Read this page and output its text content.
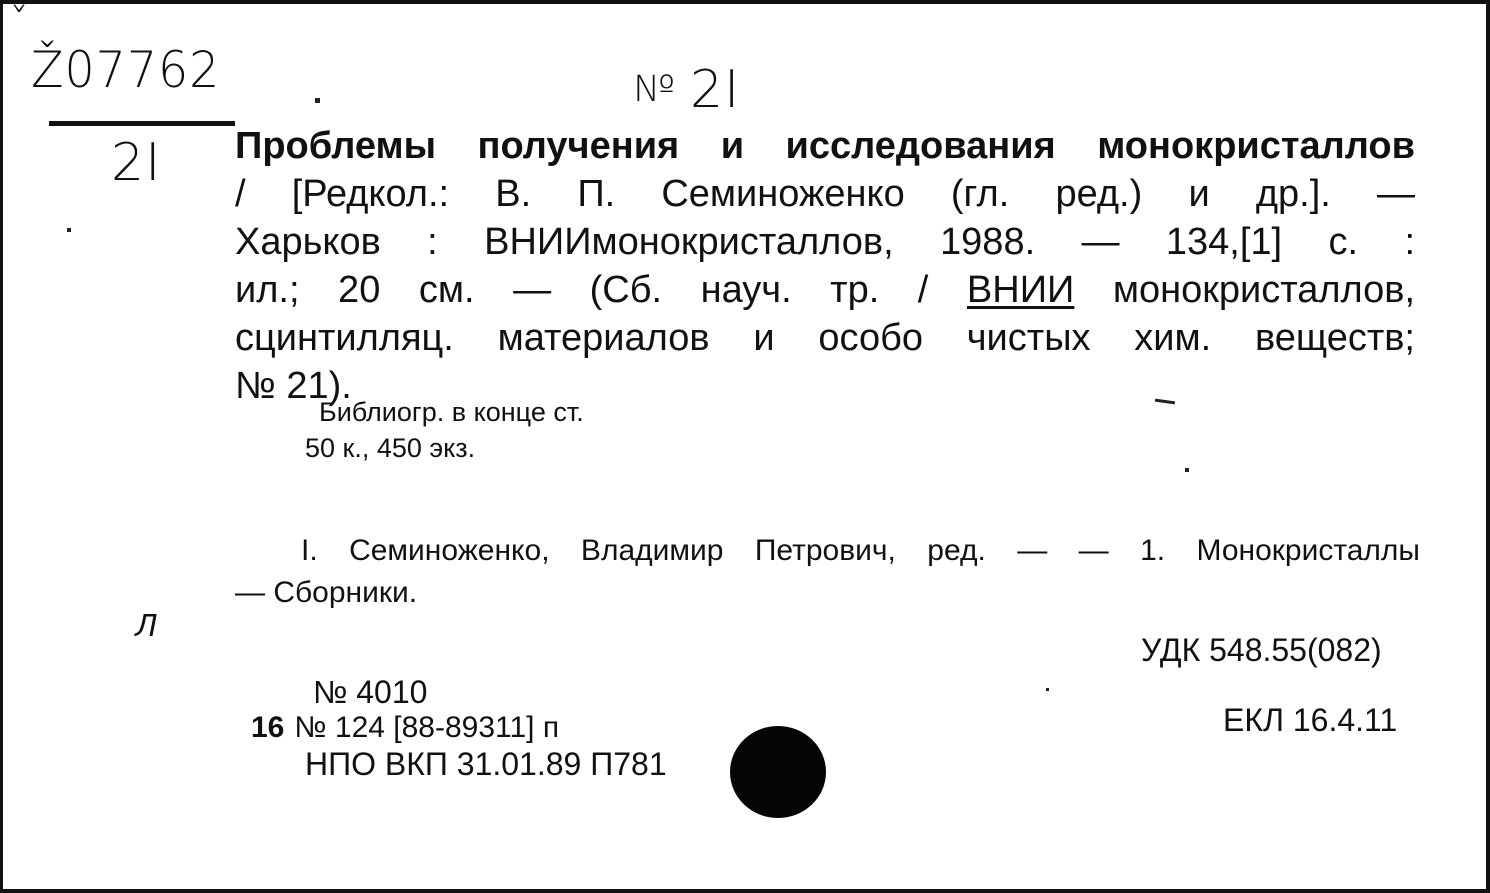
ˇ
Ž07762
2I
№ 2I
Проблемы получения и исследования монокристаллов
/ [Редкол.: В. П. Семиноженко (гл. ред.) и др.]. —
Харьков : ВНИИмонокристаллов, 1988. — 134,[1] с. :
ил.; 20 см. — (Сб. науч. тр. / ВНИИ монокристаллов,
сцинтилляц. материалов и особо чистых хим. веществ;
№ 21).
Библиогр. в конце ст.
50 к., 450 экз.
I. Семиноженко, Владимир Петрович, ред. — — 1. Монокристаллы
— Сборники.
Л
УДК 548.55(082)
ЕКЛ 16.4.11
№ 4010
16 № 124 [88-89311] п
НПО ВКП 31.01.89 П781
